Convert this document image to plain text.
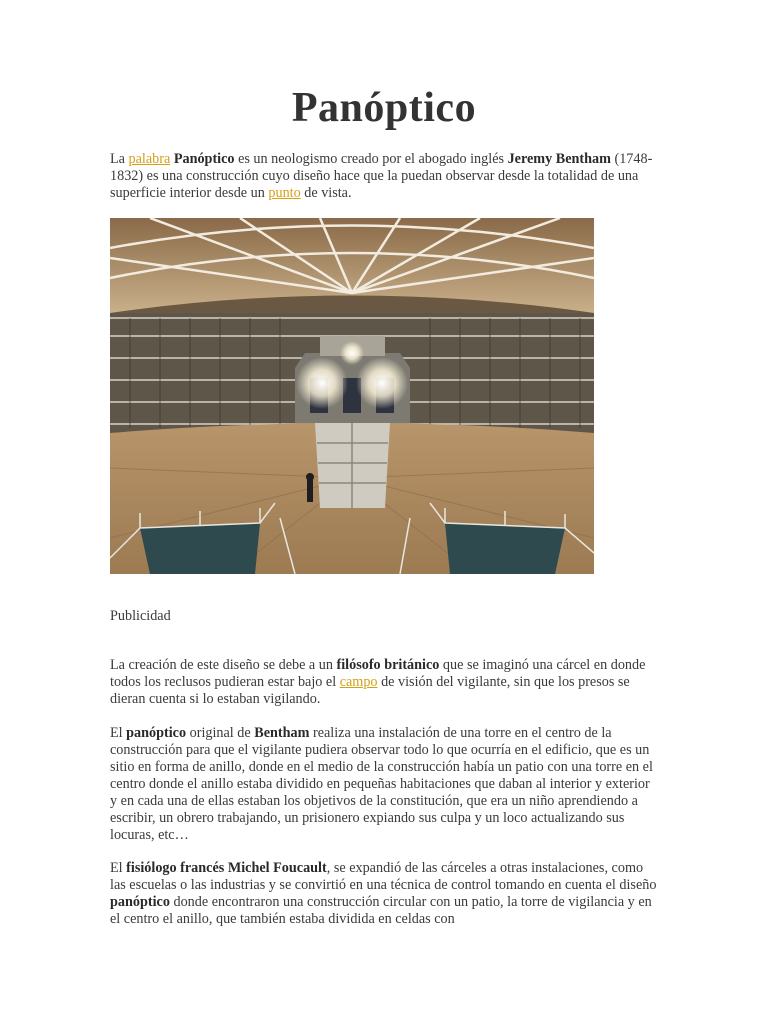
Panóptico

La palabra Panóptico es un neologismo creado por el abogado inglés Jeremy Bentham (1748- 1832) es una construcción cuyo diseño hace que la puedan observar desde la totalidad de una superficie interior desde un punto de vista.

Publicidad

La creación de este diseño se debe a un filósofo británico que se imaginó una cárcel en donde todos los reclusos pudieran estar bajo el campo de visión del vigilante, sin que los presos se dieran cuenta si lo estaban vigilando.

El panóptico original de Bentham realiza una instalación de una torre en el centro de la construcción para que el vigilante pudiera observar todo lo que ocurría en el edificio, que es un sitio en forma de anillo, donde en el medio de la construcción había un patio con una torre en el centro donde el anillo estaba dividido en pequeñas habitaciones que daban al interior y exterior y en cada una de ellas estaban los objetivos de la constitución, que era un niño aprendiendo a escribir, un obrero trabajando, un prisionero expiando sus culpa y un loco actualizando sus locuras, etc…

El fisiólogo francés Michel Foucault, se expandió de las cárceles a otras instalaciones, como las escuelas o las industrias y se convirtió en una técnica de control tomando en cuenta el diseño panóptico donde encontraron una construcción circular con un patio, la torre de vigilancia y en el centro el anillo, que también estaba dividida en celdas con
